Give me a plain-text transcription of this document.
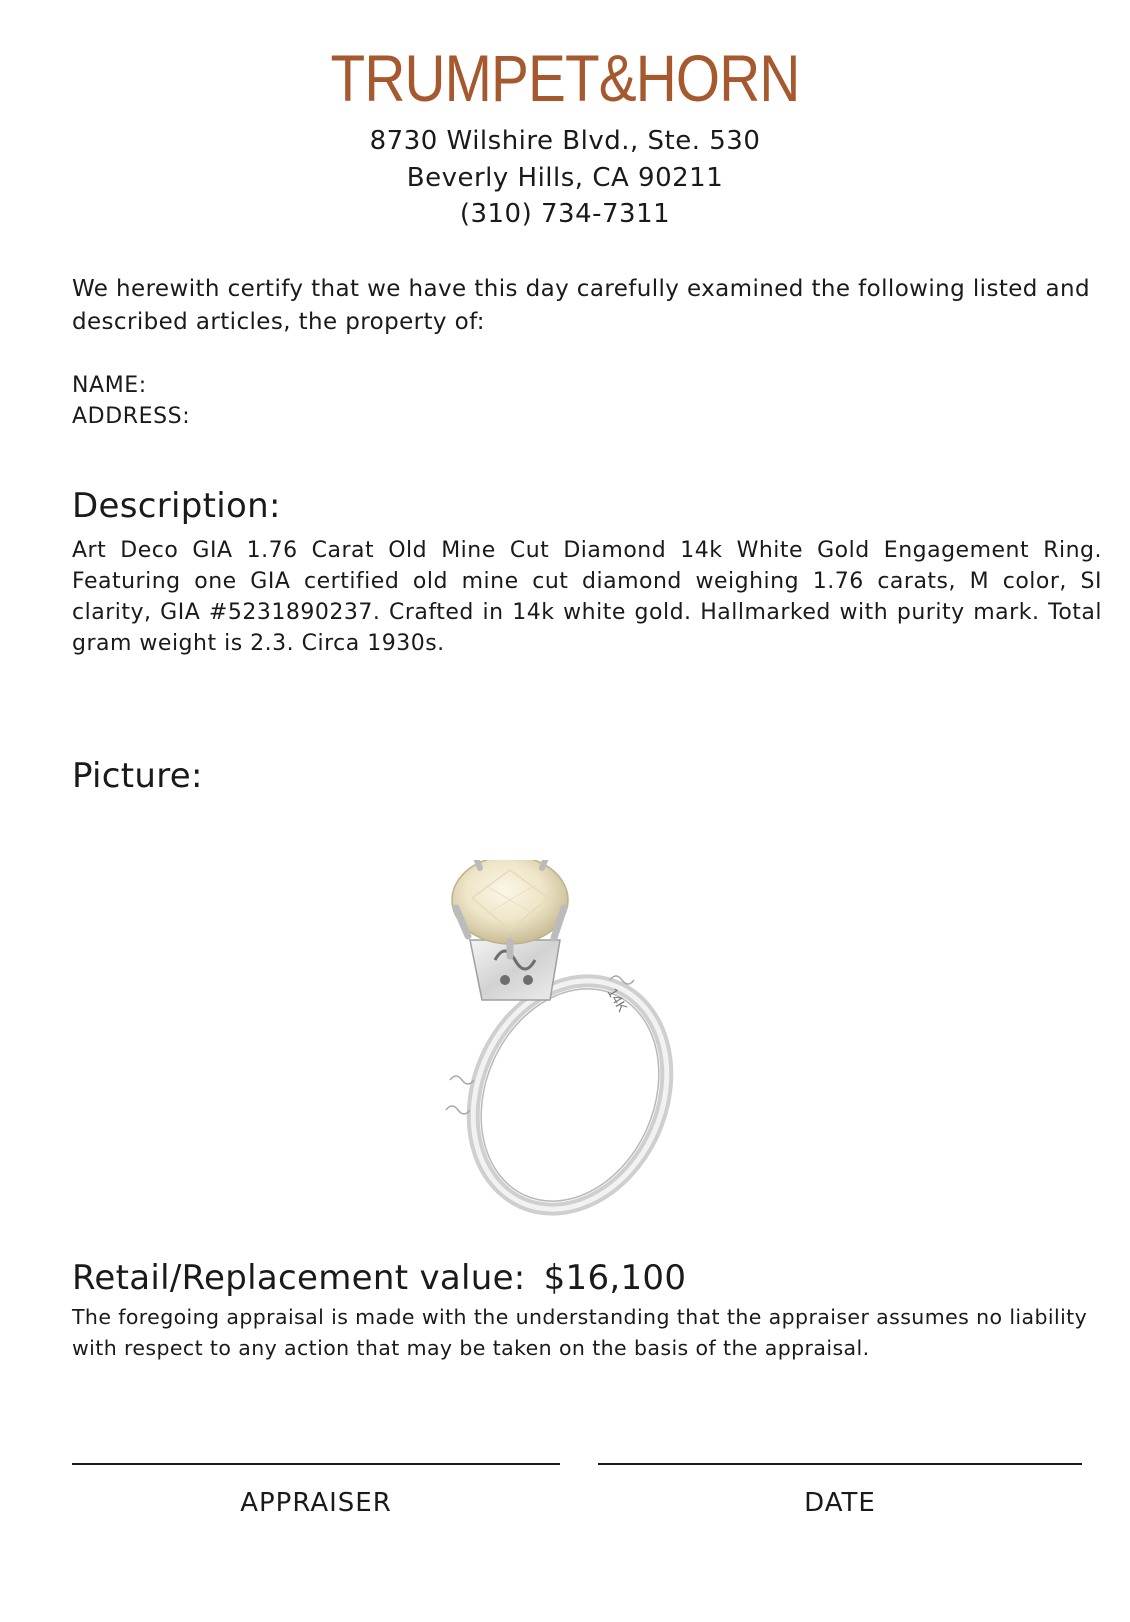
TRUMPET&HORN
8730 Wilshire Blvd., Ste. 530
Beverly Hills, CA 90211
(310) 734-7311
We herewith certify that we have this day carefully examined the following listed and described articles, the property of:
NAME:
ADDRESS:
Description:
Art Deco GIA 1.76 Carat Old Mine Cut Diamond 14k White Gold Engagement Ring. Featuring one GIA certified old mine cut diamond weighing 1.76 carats, M color, SI clarity, GIA #5231890237. Crafted in 14k white gold. Hallmarked with purity mark. Total gram weight is 2.3. Circa 1930s.
Picture:
14K
Retail/Replacement value: $16,100
The foregoing appraisal is made with the understanding that the appraiser assumes no liability with respect to any action that may be taken on the basis of the appraisal.
APPRAISER	DATE
